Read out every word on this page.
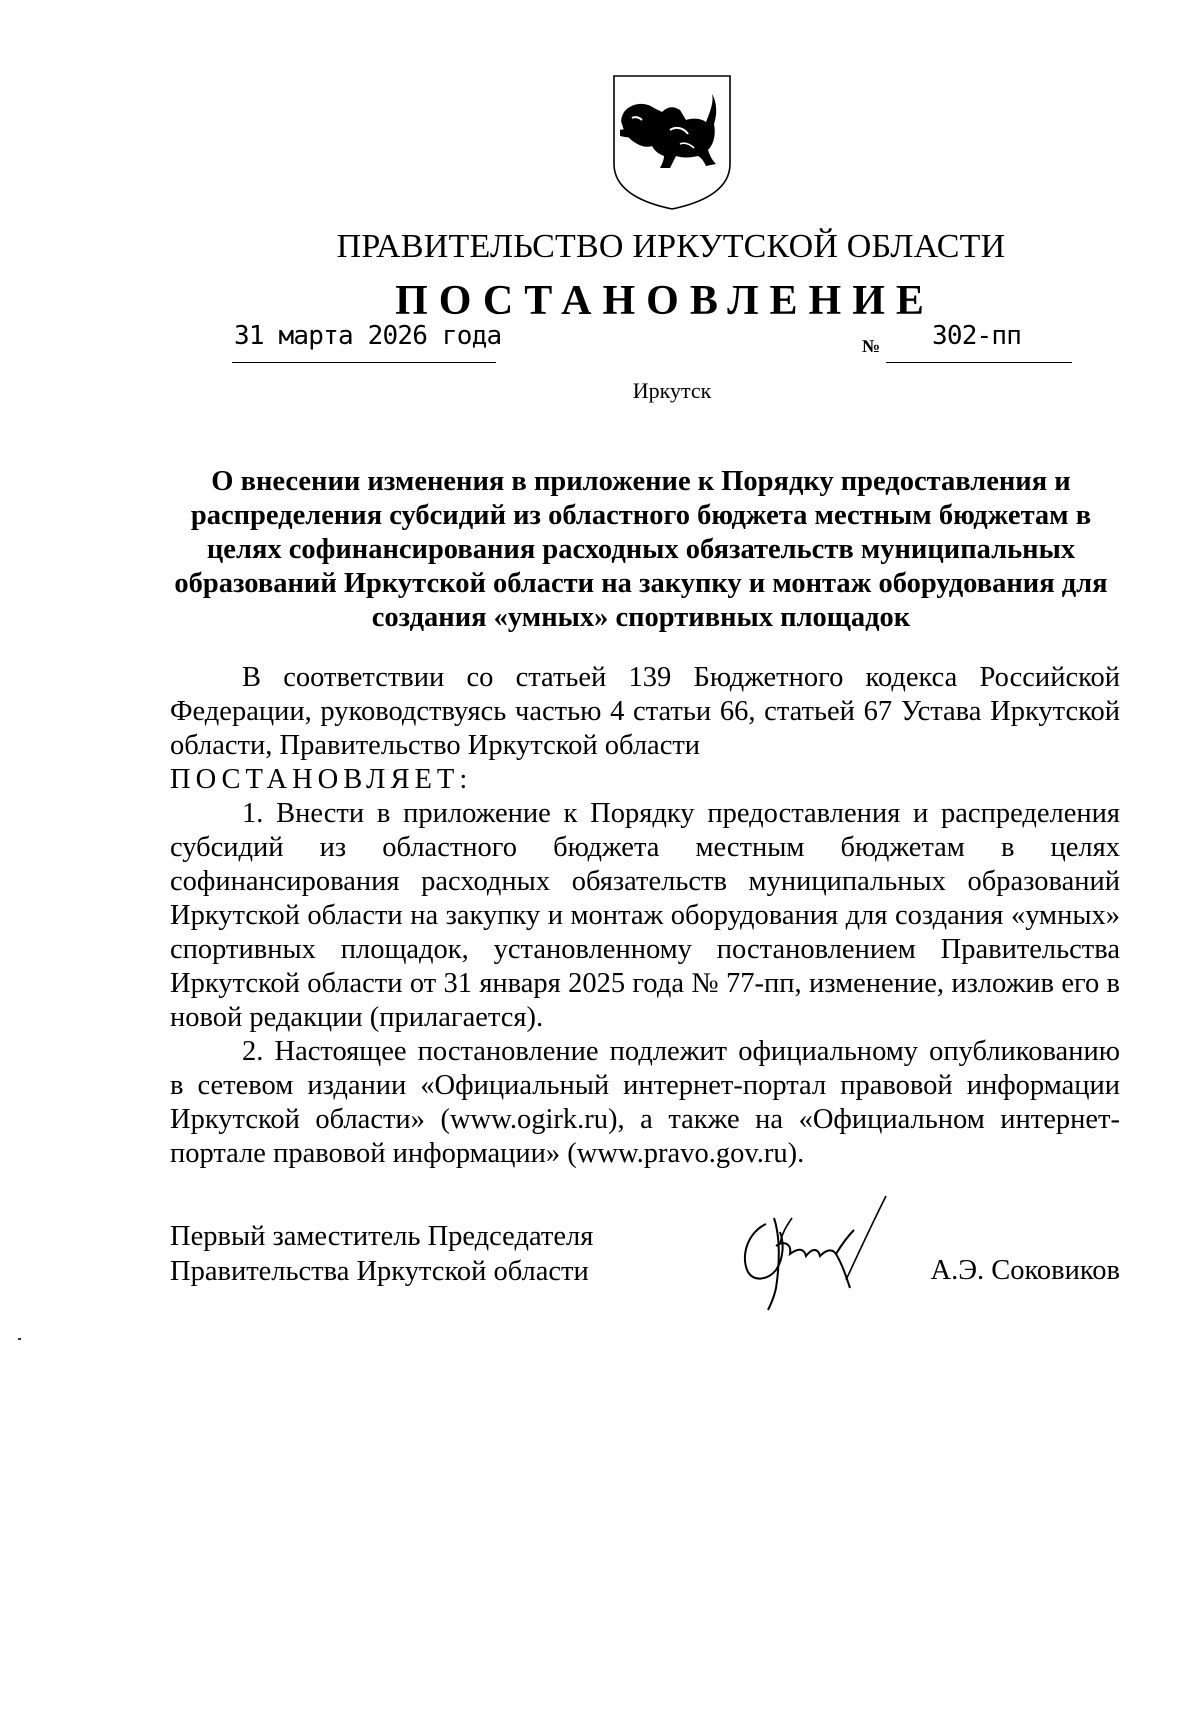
ПРАВИТЕЛЬСТВО ИРКУТСКОЙ ОБЛАСТИ
ПОСТАНОВЛЕНИЕ
31 марта 2026 года	№	302-пп
Иркутск
О внесении изменения в приложение к Порядку предоставления и распределения субсидий из областного бюджета местным бюджетам в целях софинансирования расходных обязательств муниципальных образований Иркутской области на закупку и монтаж оборудования для создания «умных» спортивных площадок

В соответствии со статьей 139 Бюджетного кодекса Российской Федерации, руководствуясь частью 4 статьи 66, статьей 67 Устава Иркутской области, Правительство Иркутской области

ПОСТАНОВЛЯЕТ:

1. Внести в приложение к Порядку предоставления и распределения субсидий из областного бюджета местным бюджетам в целях софинансирования расходных обязательств муниципальных образований Иркутской области на закупку и монтаж оборудования для создания «умных» спортивных площадок, установленному постановлением Правительства Иркутской области от 31 января 2025 года № 77-пп, изменение, изложив его в новой редакции (прилагается).

2. Настоящее постановление подлежит официальному опубликованию в сетевом издании «Официальный интернет-портал правовой информации Иркутской области» (www.ogirk.ru), а также на «Официальном интернет-портале правовой информации» (www.pravo.gov.ru).

Первый заместитель Председателя
Правительства Иркутской области	А.Э. Соковиков
